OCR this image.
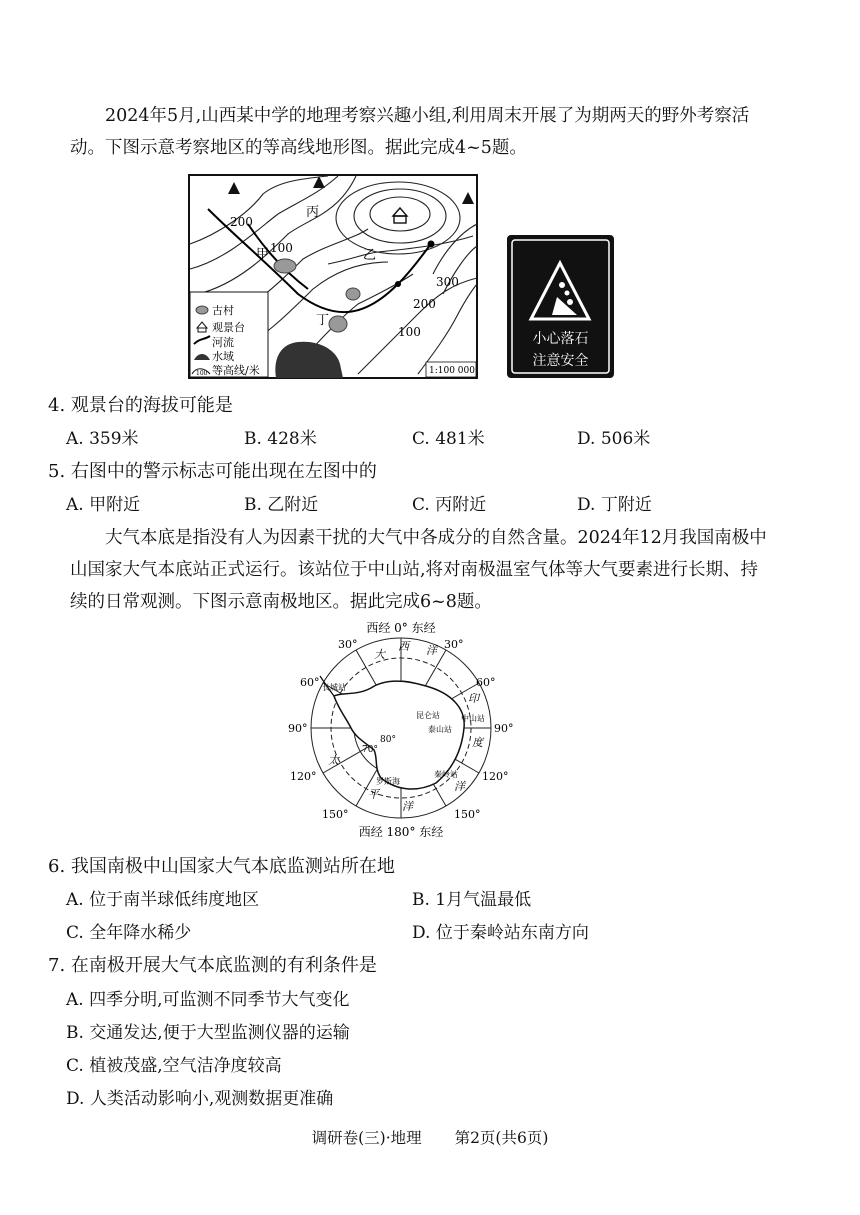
2024年5月,山西某中学的地理考察兴趣小组,利用周末开展了为期两天的野外考察活动。下图示意考察地区的等高线地形图。据此完成4~5题。

丙
甲	乙
丁
200
100
300
200
100
古村
观景台
河流
水域
100 等高线/米	1:100 000
小心落石
注意安全

4. 观景台的海拔可能是

A. 359米	B. 428米	C. 481米	D. 506米

5. 右图中的警示标志可能出现在左图中的

A. 甲附近	B. 乙附近	C. 丙附近	D. 丁附近

大气本底是指没有人为因素干扰的大气中各成分的自然含量。2024年12月我国南极中山国家大气本底站正式运行。该站位于中山站,将对南极温室气体等大气要素进行长期、持续的日常观测。下图示意南极地区。据此完成6~8题。

西经 0° 东经
西经 180° 东经
30°
60°
90°
120°
150°
30°
60°
90°
120°
150°
大
西 洋
印
度
洋
洋
平
太
长城站
昆仑站	中山站
泰山站
秦岭站
罗斯海
70°
80°

6. 我国南极中山国家大气本底监测站所在地

A. 位于南半球低纬度地区	B. 1月气温最低

C. 全年降水稀少	D. 位于秦岭站东南方向

7. 在南极开展大气本底监测的有利条件是

A. 四季分明,可监测不同季节大气变化

B. 交通发达,便于大型监测仪器的运输

C. 植被茂盛,空气洁净度较高

D. 人类活动影响小,观测数据更准确

调研卷(三)·地理 第2页(共6页)
